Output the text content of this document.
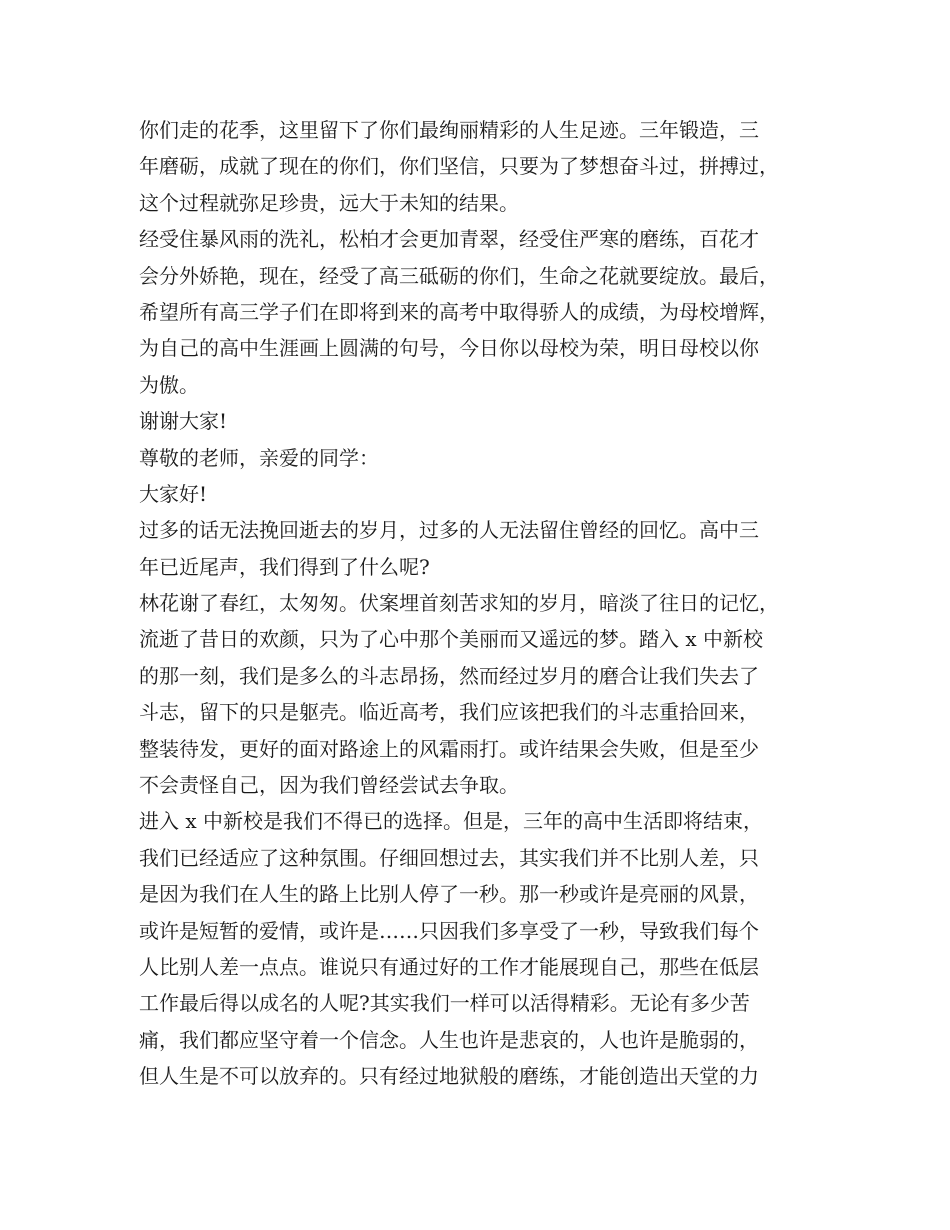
你们走的花季，这里留下了你们最绚丽精彩的人生足迹。三年锻造，三
年磨砺，成就了现在的你们，你们坚信，只要为了梦想奋斗过，拼搏过，
这个过程就弥足珍贵，远大于未知的结果。
经受住暴风雨的洗礼，松柏才会更加青翠，经受住严寒的磨练，百花才
会分外娇艳，现在，经受了高三砥砺的你们，生命之花就要绽放。最后，
希望所有高三学子们在即将到来的高考中取得骄人的成绩，为母校增辉，
为自己的高中生涯画上圆满的句号，今日你以母校为荣，明日母校以你
为傲。
谢谢大家!
尊敬的老师，亲爱的同学：
大家好!
过多的话无法挽回逝去的岁月，过多的人无法留住曾经的回忆。高中三
年已近尾声，我们得到了什么呢?
林花谢了春红，太匆匆。伏案埋首刻苦求知的岁月，暗淡了往日的记忆，
流逝了昔日的欢颜，只为了心中那个美丽而又遥远的梦。踏入 x 中新校
的那一刻，我们是多么的斗志昂扬，然而经过岁月的磨合让我们失去了
斗志，留下的只是躯壳。临近高考，我们应该把我们的斗志重拾回来，
整装待发，更好的面对路途上的风霜雨打。或许结果会失败，但是至少
不会责怪自己，因为我们曾经尝试去争取。
进入 x 中新校是我们不得已的选择。但是，三年的高中生活即将结束，
我们已经适应了这种氛围。仔细回想过去，其实我们并不比别人差，只
是因为我们在人生的路上比别人停了一秒。那一秒或许是亮丽的风景，
或许是短暂的爱情，或许是……只因我们多享受了一秒，导致我们每个
人比别人差一点点。谁说只有通过好的工作才能展现自己，那些在低层
工作最后得以成名的人呢?其实我们一样可以活得精彩。无论有多少苦
痛，我们都应坚守着一个信念。人生也许是悲哀的，人也许是脆弱的，
但人生是不可以放弃的。只有经过地狱般的磨练，才能创造出天堂的力
